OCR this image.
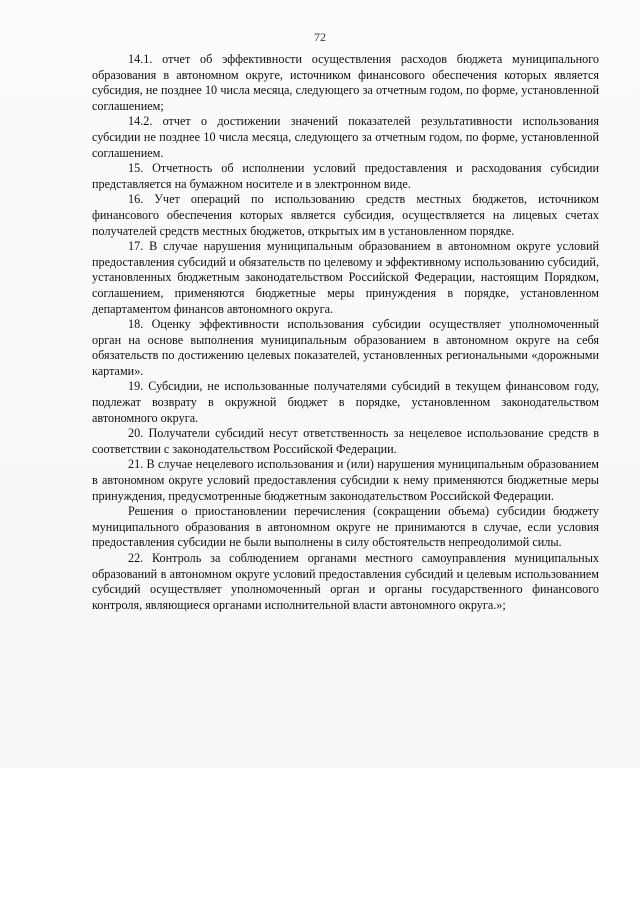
72

14.1. отчет об эффективности осуществления расходов бюджета муниципального образования в автономном округе, источником финансового обеспечения которых является субсидия, не позднее 10 числа месяца, следующего за отчетным годом, по форме, установленной соглашением;

14.2. отчет о достижении значений показателей результативности использования субсидии не позднее 10 числа месяца, следующего за отчетным годом, по форме, установленной соглашением.

15. Отчетность об исполнении условий предоставления и расходования субсидии представляется на бумажном носителе и в электронном виде.

16. Учет операций по использованию средств местных бюджетов, источником финансового обеспечения которых является субсидия, осуществляется на лицевых счетах получателей средств местных бюджетов, открытых им в установленном порядке.

17. В случае нарушения муниципальным образованием в автономном округе условий предоставления субсидий и обязательств по целевому и эффективному использованию субсидий, установленных бюджетным законодательством Российской Федерации, настоящим Порядком, соглашением, применяются бюджетные меры принуждения в порядке, установленном департаментом финансов автономного округа.

18. Оценку эффективности использования субсидии осуществляет уполномоченный орган на основе выполнения муниципальным образованием в автономном округе на себя обязательств по достижению целевых показателей, установленных региональными «дорожными картами».

19. Субсидии, не использованные получателями субсидий в текущем финансовом году, подлежат возврату в окружной бюджет в порядке, установленном законодательством автономного округа.

20. Получатели субсидий несут ответственность за нецелевое использование средств в соответствии с законодательством Российской Федерации.

21. В случае нецелевого использования и (или) нарушения муниципальным образованием в автономном округе условий предоставления субсидии к нему применяются бюджетные меры принуждения, предусмотренные бюджетным законодательством Российской Федерации.

Решения о приостановлении перечисления (сокращении объема) субсидии бюджету муниципального образования в автономном округе не принимаются в случае, если условия предоставления субсидии не были выполнены в силу обстоятельств непреодолимой силы.

22. Контроль за соблюдением органами местного самоуправления муниципальных образований в автономном округе условий предоставления субсидий и целевым использованием субсидий осуществляет уполномоченный орган и органы государственного финансового контроля, являющиеся органами исполнительной власти автономного округа.»;
